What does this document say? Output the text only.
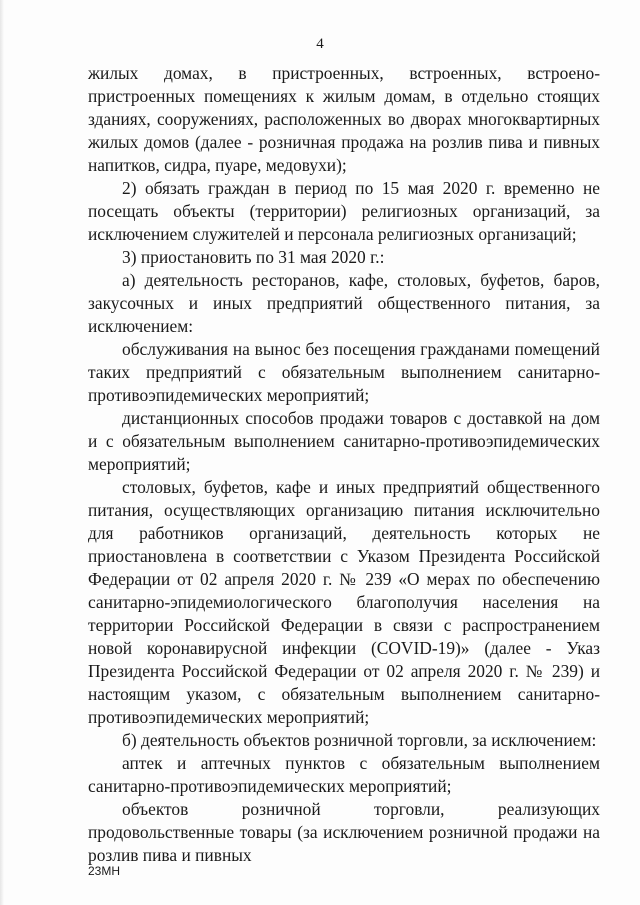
4

жилых домах, в пристроенных, встроенных, встроено-пристроенных помещениях к жилым домам, в отдельно стоящих зданиях, сооружениях, расположенных во дворах многоквартирных жилых домов (далее - розничная продажа на розлив пива и пивных напитков, сидра, пуаре, медовухи);

2) обязать граждан в период по 15 мая 2020 г. временно не посещать объекты (территории) религиозных организаций, за исключением служителей и персонала религиозных организаций;

3) приостановить по 31 мая 2020 г.:

а) деятельность ресторанов, кафе, столовых, буфетов, баров, закусочных и иных предприятий общественного питания, за исключением:

обслуживания на вынос без посещения гражданами помещений таких предприятий с обязательным выполнением санитарно-противоэпидемических мероприятий;

дистанционных способов продажи товаров с доставкой на дом и с обязательным выполнением санитарно-противоэпидемических мероприятий;

столовых, буфетов, кафе и иных предприятий общественного питания, осуществляющих организацию питания исключительно для работников организаций, деятельность которых не приостановлена в соответствии с Указом Президента Российской Федерации от 02 апреля 2020 г. № 239 «О мерах по обеспечению санитарно-эпидемиологического благополучия населения на территории Российской Федерации в связи с распространением новой коронавирусной инфекции (COVID-19)» (далее - Указ Президента Российской Федерации от 02 апреля 2020 г. № 239) и настоящим указом, с обязательным выполнением санитарно-противоэпидемических мероприятий;

б) деятельность объектов розничной торговли, за исключением:

аптек и аптечных пунктов с обязательным выполнением санитарно-противоэпидемических мероприятий;

объектов розничной торговли, реализующих продовольственные товары (за исключением розничной продажи на розлив пива и пивных

23МН
